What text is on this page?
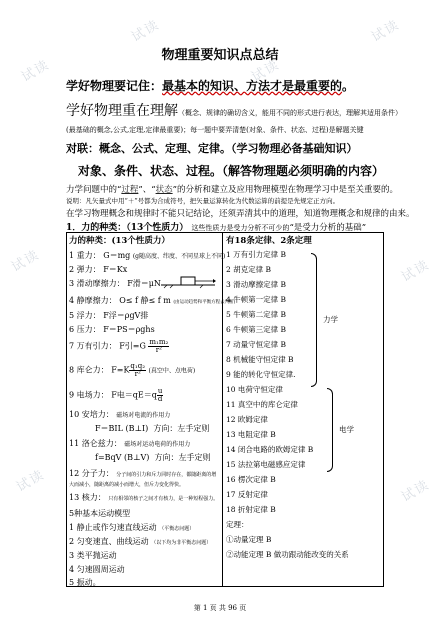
试读
试读
试读
试读
试读	试读
试读	试读
物理重要知识点总结
学好物理要记住：最基本的知识、方法才是最重要的。
学好物理重在理解（概念、规律的确切含义，能用不同的形式进行表达，理解其适用条件）
(最基础的概念,公式,定理,定律最重要)；每一题中要弄清楚(对象、条件、状态、过程)是解题关键
对联：概念、公式、定理、定律。（学习物理必备基础知识）
对象、条件、状态、过程。（解答物理题必须明确的内容）
力学问题中的“过程”、“状态”的分析和建立及应用物理模型在物理学习中是至关重要的。
说明：凡矢量式中用“＋”号都为合成符号，把矢量运算转化为代数运算的前提是先规定正方向。
在学习物理概念和规律时不能只记结论，还须弄清其中的道理，知道物理概念和规律的由来。
1．力的种类：（13个性质力） 这些性质力是受力分析不可少的“是受力分析的基础”
力的种类：(13个性质力）
1 重力： G＝mg (g随高度、纬度、不同星球上不同)
2 弹力： F＝Kx
3 滑动摩擦力： F滑＝μN
4 静摩擦力： O≤ f 静≤ f m (由运动趋势和平衡方程去判断)
5 浮力： F浮＝ρgV排
6 压力： F＝PS＝ρghs
7 万有引力： F引$=G \frac{\text{m₁m₂}}{\text{r²}}$
8 库仑力： $F=K \frac{\text{q₁q₂}}{\text{r²}}$ (真空中、点电荷)
9 电场力： F电$=qE=q \frac{u}{d}$
10 安培力： 磁场对电流的作用力
F＝BIL (B⊥I) 方向：左手定则
11 洛仑兹力： 磁场对运动电荷的作用力
f=BqV (B⊥V) 方向：左手定则
12 分子力： 分子间的引力和斥力同时存在，都随距离的增
大而减小，随距离的减小而增大，但斥力变化得快。
13 核力： 只有相邻的核子之间才有核力，是一种短程强力。
5种基本运动模型
1 静止或作匀速直线运动 （平衡态问题）
2 匀变速直、曲线运动 （以下均为非平衡态问题）
3 类平抛运动
4 匀速圆周运动
5 振动。

有18条定律、2条定理
1 万有引力定律 B
2 胡克定律 B
3 滑动摩擦定律 B
4 牛顿第一定律 B
5 牛顿第二定律 B
6 牛顿第三定律 B
7 动量守恒定律 B
8 机械能守恒定律 B
9 能的转化守恒定律.
10 电荷守恒定律
11 真空中的库仑定律
12 欧姆定律
13 电阻定律 B
14 闭合电路的欧姆定律 B
15 法拉第电磁感应定律
16 楞次定律 B
17 反射定律
18 折射定律 B
定理：
①动量定理 B
②动能定理 B 做功跟动能改变的关系
力学
电学
第 1 页 共 96 页
